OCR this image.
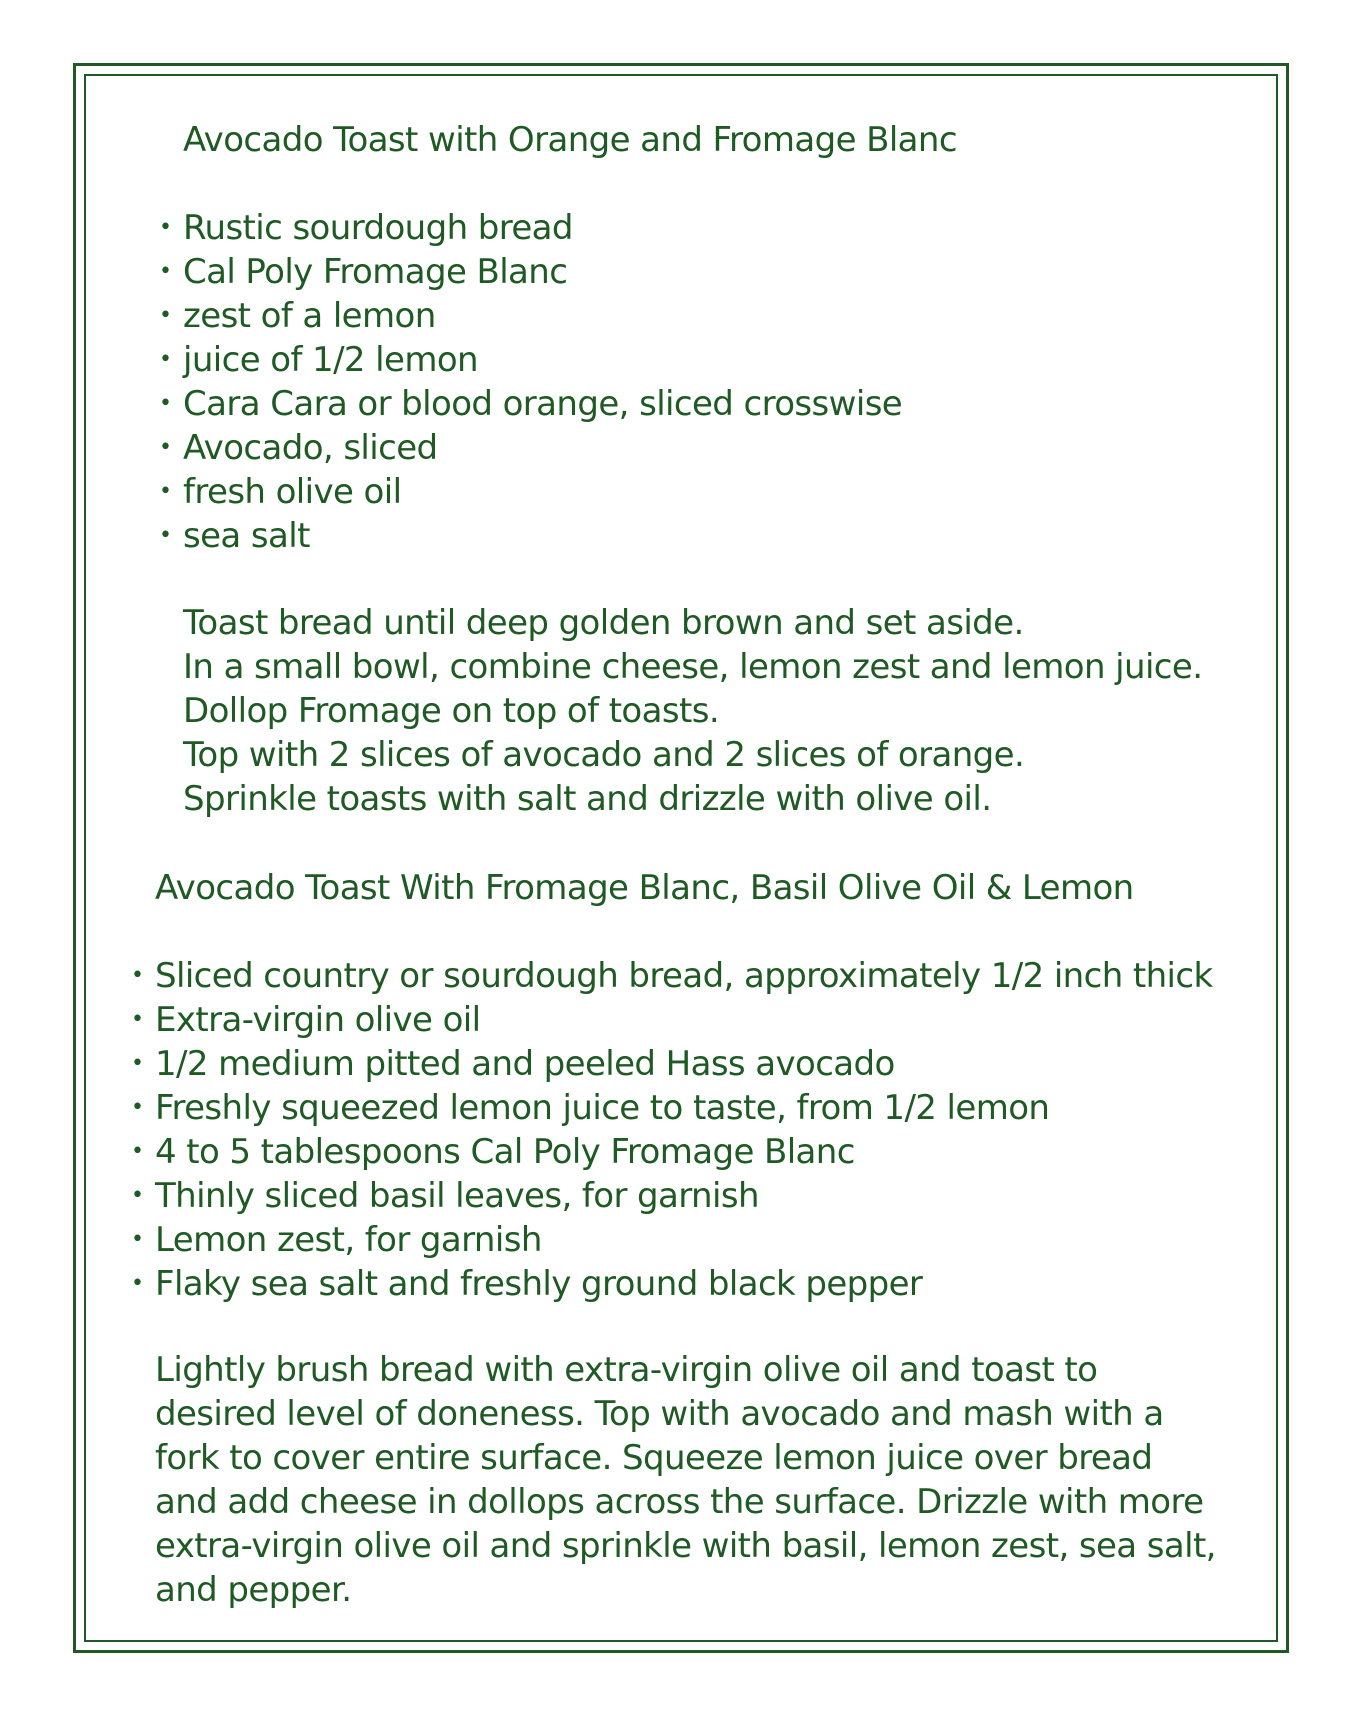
Avocado Toast with Orange and Fromage Blanc
• Rustic sourdough bread
• Cal Poly Fromage Blanc
• zest of a lemon
• juice of 1/2 lemon
• Cara Cara or blood orange, sliced crosswise
• Avocado, sliced
• fresh olive oil
• sea salt
Toast bread until deep golden brown and set aside.
In a small bowl, combine cheese, lemon zest and lemon juice.
Dollop Fromage on top of toasts.
Top with 2 slices of avocado and 2 slices of orange.
Sprinkle toasts with salt and drizzle with olive oil.
Avocado Toast With Fromage Blanc, Basil Olive Oil & Lemon
• Sliced country or sourdough bread, approximately 1/2 inch thick
• Extra-virgin olive oil
• 1/2 medium pitted and peeled Hass avocado
• Freshly squeezed lemon juice to taste, from 1/2 lemon
• 4 to 5 tablespoons Cal Poly Fromage Blanc
• Thinly sliced basil leaves, for garnish
• Lemon zest, for garnish
• Flaky sea salt and freshly ground black pepper
Lightly brush bread with extra-virgin olive oil and toast to
desired level of doneness. Top with avocado and mash with a
fork to cover entire surface. Squeeze lemon juice over bread
and add cheese in dollops across the surface. Drizzle with more
extra-virgin olive oil and sprinkle with basil, lemon zest, sea salt,
and pepper.
